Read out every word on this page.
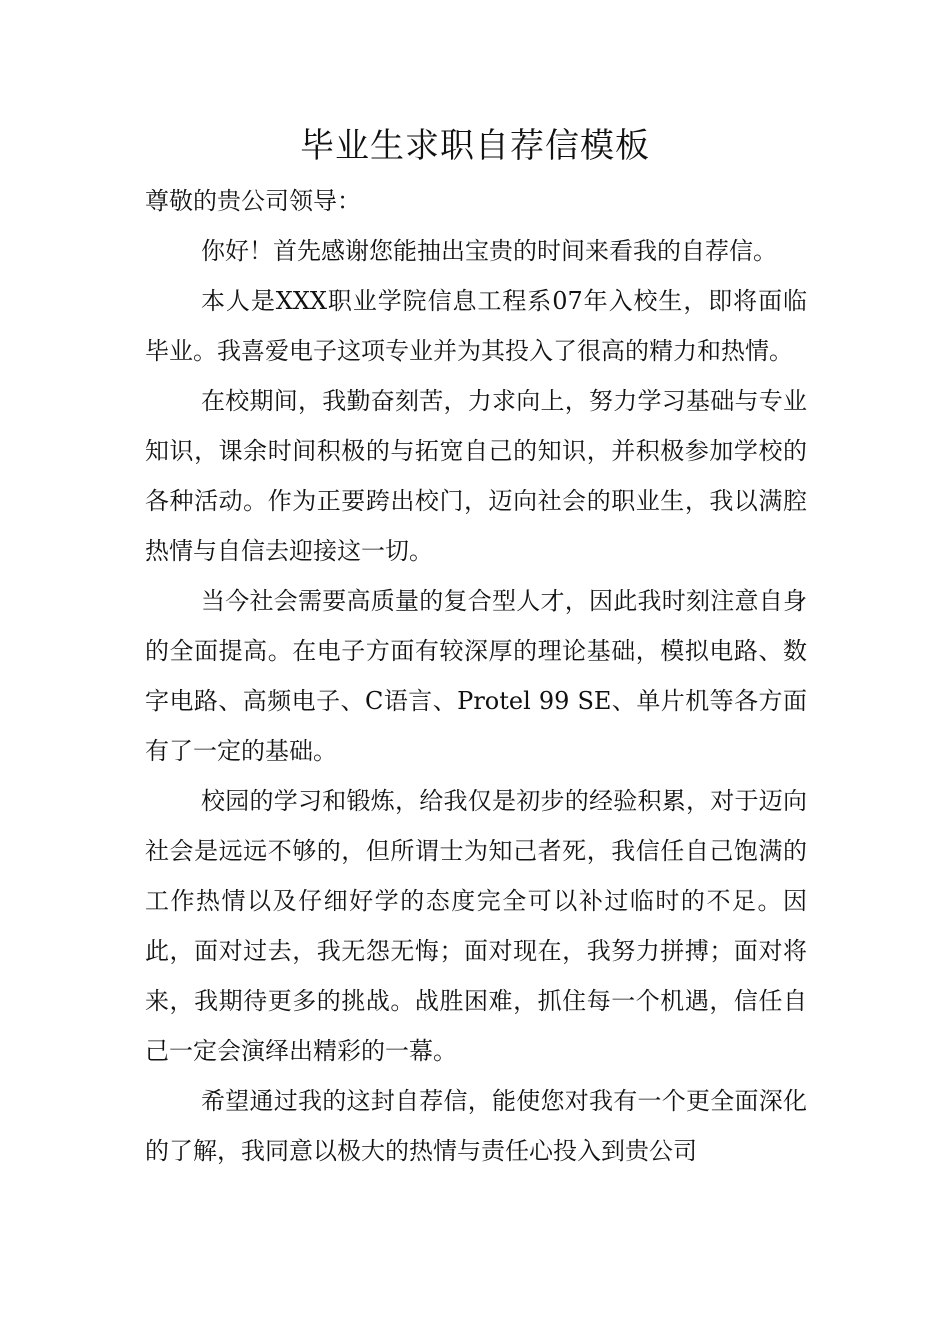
毕业生求职自荐信模板

尊敬的贵公司领导：

你好！首先感谢您能抽出宝贵的时间来看我的自荐信。

本人是XXX职业学院信息工程系07年入校生，即将面临毕业。我喜爱电子这项专业并为其投入了很高的精力和热情。

在校期间，我勤奋刻苦，力求向上，努力学习基础与专业知识，课余时间积极的与拓宽自己的知识，并积极参加学校的各种活动。作为正要跨出校门，迈向社会的职业生，我以满腔热情与自信去迎接这一切。

当今社会需要高质量的复合型人才，因此我时刻注意自身的全面提高。在电子方面有较深厚的理论基础，模拟电路、数字电路、高频电子、C语言、Protel 99 SE、单片机等各方面有了一定的基础。

校园的学习和锻炼，给我仅是初步的经验积累，对于迈向社会是远远不够的，但所谓士为知己者死，我信任自己饱满的工作热情以及仔细好学的态度完全可以补过临时的不足。因此，面对过去，我无怨无悔；面对现在，我努力拼搏；面对将来，我期待更多的挑战。战胜困难，抓住每一个机遇，信任自己一定会演绎出精彩的一幕。

希望通过我的这封自荐信，能使您对我有一个更全面深化的了解，我同意以极大的热情与责任心投入到贵公司
